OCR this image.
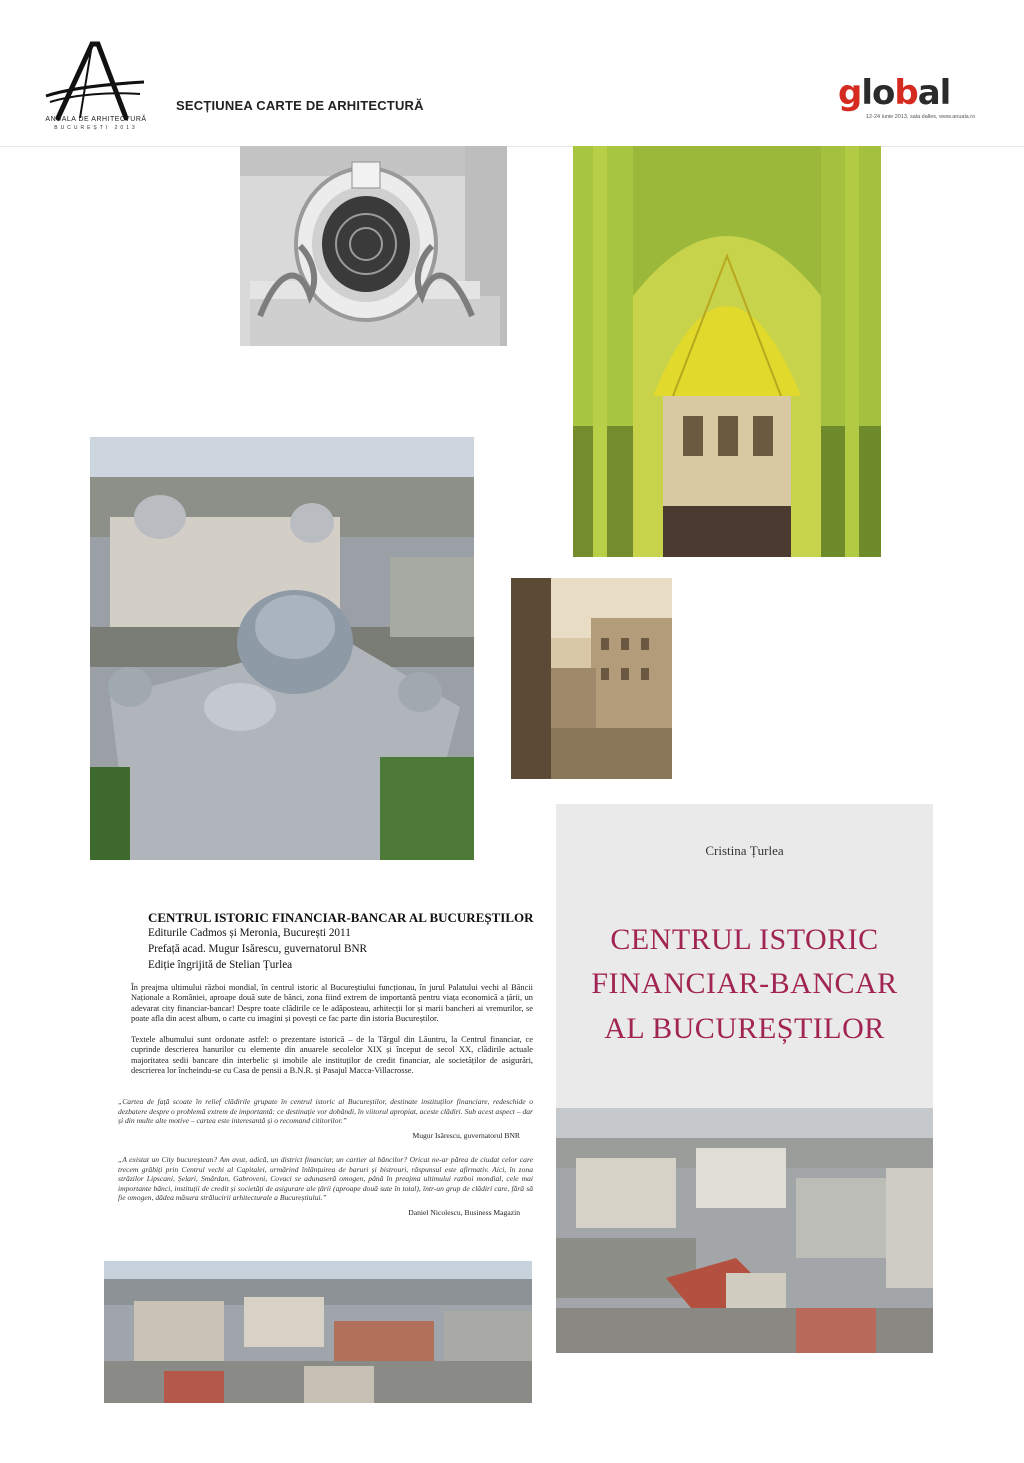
ANUALA DE ARHITECTURĂ
BUCUREȘTI 2013
SECȚIUNEA CARTE DE ARHITECTURĂ	global
12-24 iunie 2013, sala dalles, www.anuala.ro
CENTRUL ISTORIC FINANCIAR-BANCAR AL BUCUREȘTILOR
Editurile Cadmos și Meronia, București 2011
Prefață acad. Mugur Isărescu, guvernatorul BNR
Ediție îngrijită de Stelian Țurlea
În preajma ultimului război mondial, în centrul istoric al Bucureștiului funcționau, în jurul Palatului vechi al Băncii Naționale a României, aproape două sute de bănci, zona fiind extrem de importantă pentru viața economică a țării, un adevarat city financiar-bancar! Despre toate clădirile ce le adăposteau, arhitecții lor și marii bancheri ai vremurilor, se poate afla din acest album, o carte cu imagini și povești ce fac parte din istoria Bucureștilor.
Textele albumului sunt ordonate astfel: o prezentare istorică – de la Târgul din Lăuntru, la Centrul financiar, ce cuprinde descrierea hanurilor cu elemente din anuarele secolelor XIX și început de secol XX, clădirile actuale majoritatea sedii bancare din interbelic și imobile ale instituților de credit financiar, ale societăților de asigurări, descrierea lor încheindu-se cu Casa de pensii a B.N.R. și Pasajul Macca-Villacrosse.
„Cartea de față scoate în relief clădirile grupate în centrul istoric al Bucureștilor, destinate instituților financiare, redeschide o dezbatere despre o problemă extrem de importantă: ce destinație vor dobândi, în viitorul apropiat, aceste clădiri. Sub acest aspect – dar și din multe alte motive – cartea este interesantă și o recomand cititorilor.”
Mugur Isărescu, guvernatorul BNR
„A existat un City bucureștean? Am avut, adică, un district financiar, un cartier al băncilor? Oricat ne-ar părea de ciudat celor care trecem grăbiți prin Centrul vechi al Capitalei, urmărind înlănțuirea de baruri și bistrouri, răspunsul este afirmativ. Aici, în zona străzilor Lipscani, Șelari, Smârdan, Gabroveni, Covaci se adunaseră omogen, până în preajma ultimului razboi mondial, cele mai importante bănci, instituții de credit și societăți de asigurare ale țării (aproape două sute în total), într-un grup de clădiri care, fără să fie omogen, dădea măsura strălucirii arhitecturale a Bucureștiului.”
Daniel Nicolescu, Business Magazin
Cristina Țurlea
CENTRUL ISTORIC
FINANCIAR-BANCAR
AL BUCUREȘTILOR
